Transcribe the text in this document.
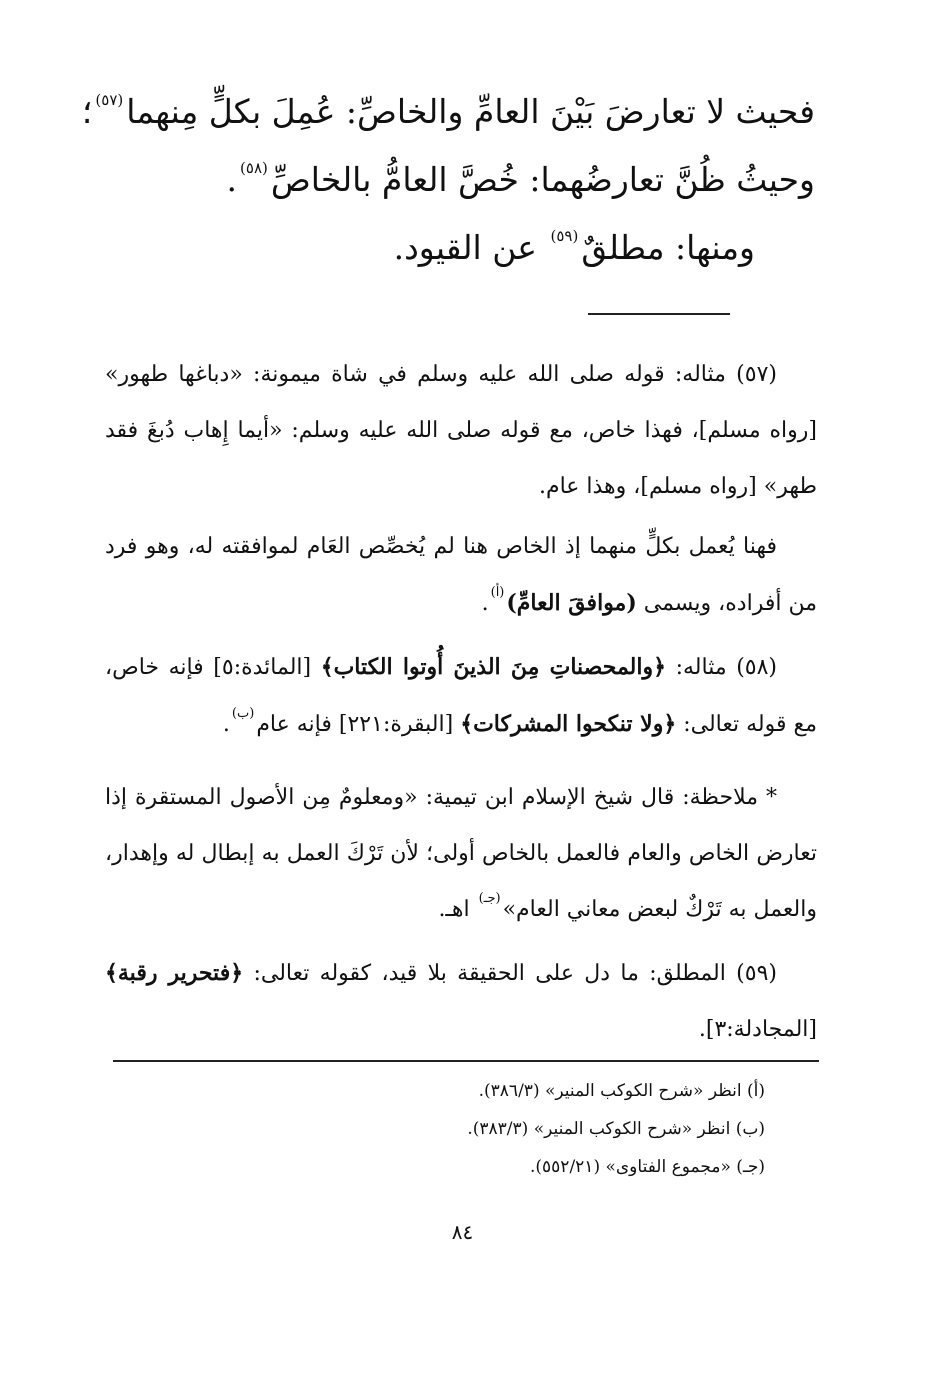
فحيث لا تعارضَ بَيْنَ العامِّ والخاصِّ: عُمِلَ بكلٍّ مِنهما$^{(٥٧)}$؛
وحيثُ ظُنَّ تعارضُهما: خُصَّ العامُّ بالخاصِّ$^{(٥٨)}$.
ومنها: مطلقٌ$^{(٥٩)}$ عن القيود.
(٥٧) مثاله: قوله صلى الله عليه وسلم في شاة ميمونة: «دباغها طهور» [رواه مسلم]، فهذا خاص، مع قوله صلى الله عليه وسلم: «أيما إِهاب دُبغَ فقد طهر» [رواه مسلم]، وهذا عام.
فهنا يُعمل بكلٍّ منهما إذ الخاص هنا لم يُخصِّص العَام لموافقته له، وهو فرد من أفراده، ويسمى (موافقَ العامِّ)$^{(أ)}$.
(٥٨) مثاله: ﴿والمحصناتِ مِنَ الذينَ أُوتوا الكتاب﴾ [المائدة:٥] فإنه خاص، مع قوله تعالى: ﴿ولا تنكحوا المشركات﴾ [البقرة:٢٢١] فإنه عام$^{(ب)}$.
* ملاحظة: قال شيخ الإسلام ابن تيمية: «ومعلومٌ مِن الأصول المستقرة إذا تعارض الخاص والعام فالعمل بالخاص أولى؛ لأن تَرْكَ العمل به إبطال له وإهدار، والعمل به تَرْكٌ لبعض معاني العام»$^{(جـ)}$ اهـ.
(٥٩) المطلق: ما دل على الحقيقة بلا قيد، كقوله تعالى: ﴿فتحرير رقبة﴾ [المجادلة:٣].
(أ) انظر «شرح الكوكب المنير» (٣٨٦/٣).
(ب) انظر «شرح الكوكب المنير» (٣٨٣/٣).
(جـ) «مجموع الفتاوى» (٥٥٢/٢١).
٨٤
